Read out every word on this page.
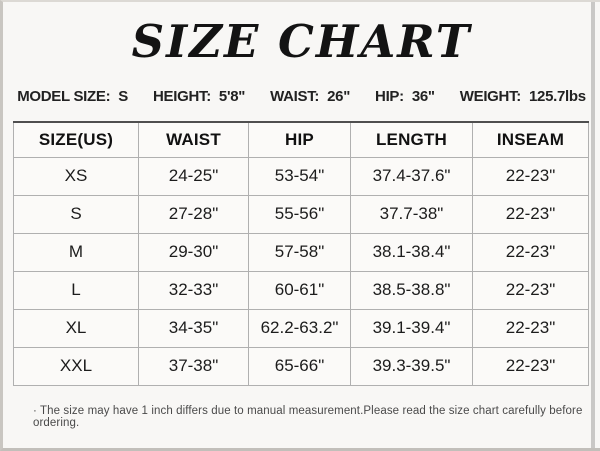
SIZE CHART
MODEL SIZE: S HEIGHT: 5'8" WAIST: 26" HIP: 36" WEIGHT: 125.7lbs
SIZE(US)	WAIST	HIP	LENGTH	INSEAM
XS	24-25"	53-54"	37.4-37.6"	22-23"
S	27-28"	55-56"	37.7-38"	22-23"
M	29-30"	57-58"	38.1-38.4"	22-23"
L	32-33"	60-61"	38.5-38.8"	22-23"
XL	34-35"	62.2-63.2"	39.1-39.4"	22-23"
XXL	37-38"	65-66"	39.3-39.5"	22-23"

· The size may have 1 inch differs due to manual measurement.Please read the size chart carefully before ordering.
